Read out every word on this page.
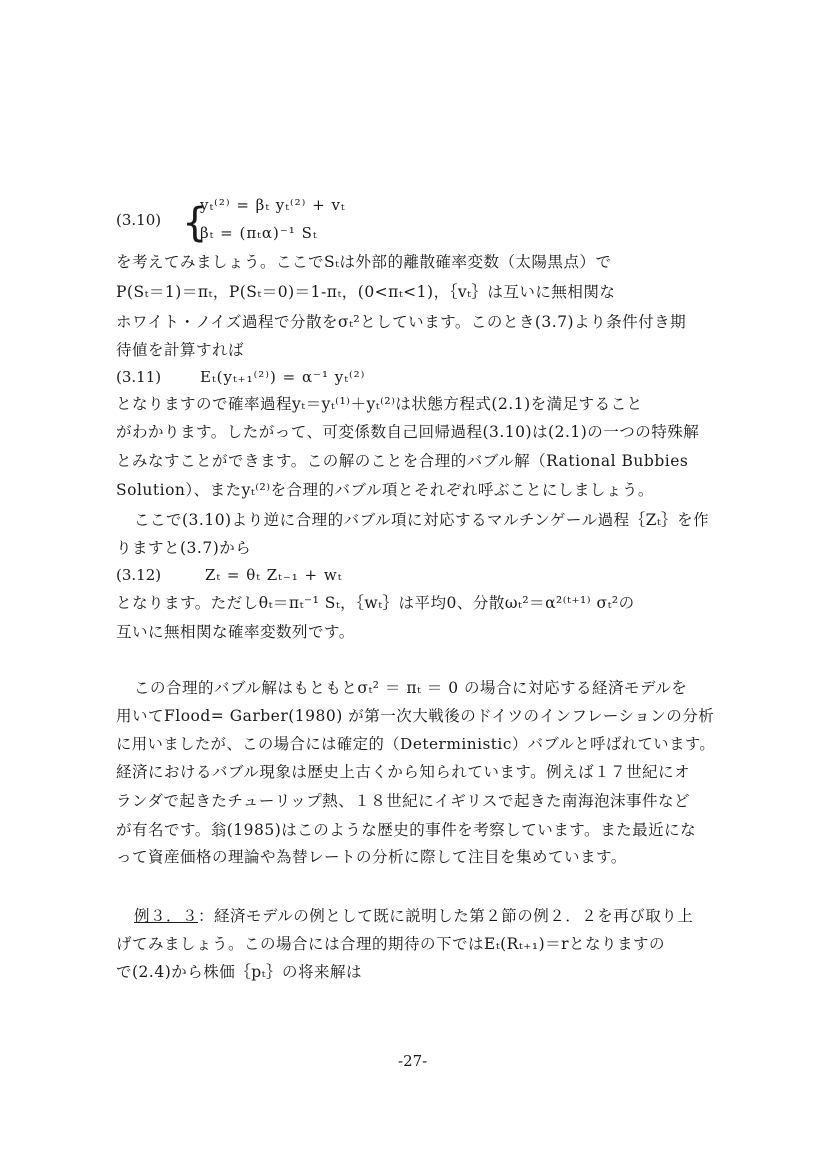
(3.10) {
yₜ⁽²⁾ = βₜ yₜ⁽²⁾ + vₜ
βₜ = (πₜα)⁻¹ Sₜ
を考えてみましょう。ここでSₜは外部的離散確率変数（太陽黒点）で
P(Sₜ＝1)＝πₜ，P(Sₜ＝0)＝1-πₜ，(0<πₜ<1)，｛vₜ｝は互いに無相関な
ホワイト・ノイズ過程で分散をσₜ²としています。このとき(3.7)より条件付き期
待値を計算すれば
(3.11)	Eₜ(yₜ₊₁⁽²⁾) = α⁻¹ yₜ⁽²⁾
となりますので確率過程yₜ＝yₜ⁽¹⁾＋yₜ⁽²⁾は状態方程式(2.1)を満足すること
がわかります。したがって、可変係数自己回帰過程(3.10)は(2.1)の一つの特殊解
とみなすことができます。この解のことを合理的バブル解（Rational Bubbies
Solution）、またyₜ⁽²⁾を合理的バブル項とそれぞれ呼ぶことにしましょう。
ここで(3.10)より逆に合理的バブル項に対応するマルチンゲール過程｛Zₜ｝を作
りますと(3.7)から
(3.12)	Zₜ = θₜ Zₜ₋₁ + wₜ
となります。ただしθₜ＝πₜ⁻¹ Sₜ，｛wₜ｝は平均0、分散ωₜ²＝α²⁽ᵗ⁺¹⁾ σₜ²の
互いに無相関な確率変数列です。
この合理的バブル解はもともとσₜ² ＝ πₜ ＝ 0 の場合に対応する経済モデルを
用いてFlood= Garber(1980) が第一次大戦後のドイツのインフレーションの分析
に用いましたが、この場合には確定的（Deterministic）バブルと呼ばれています。
経済におけるバブル現象は歴史上古くから知られています。例えば１７世紀にオ
ランダで起きたチューリップ熱、１８世紀にイギリスで起きた南海泡沫事件など
が有名です。翁(1985)はこのような歴史的事件を考察しています。また最近にな
って資産価格の理論や為替レートの分析に際して注目を集めています。
例３．３：経済モデルの例として既に説明した第２節の例２．２を再び取り上
げてみましょう。この場合には合理的期待の下ではEₜ(Rₜ₊₁)＝rとなりますの
で(2.4)から株価｛pₜ｝の将来解は
-27-
